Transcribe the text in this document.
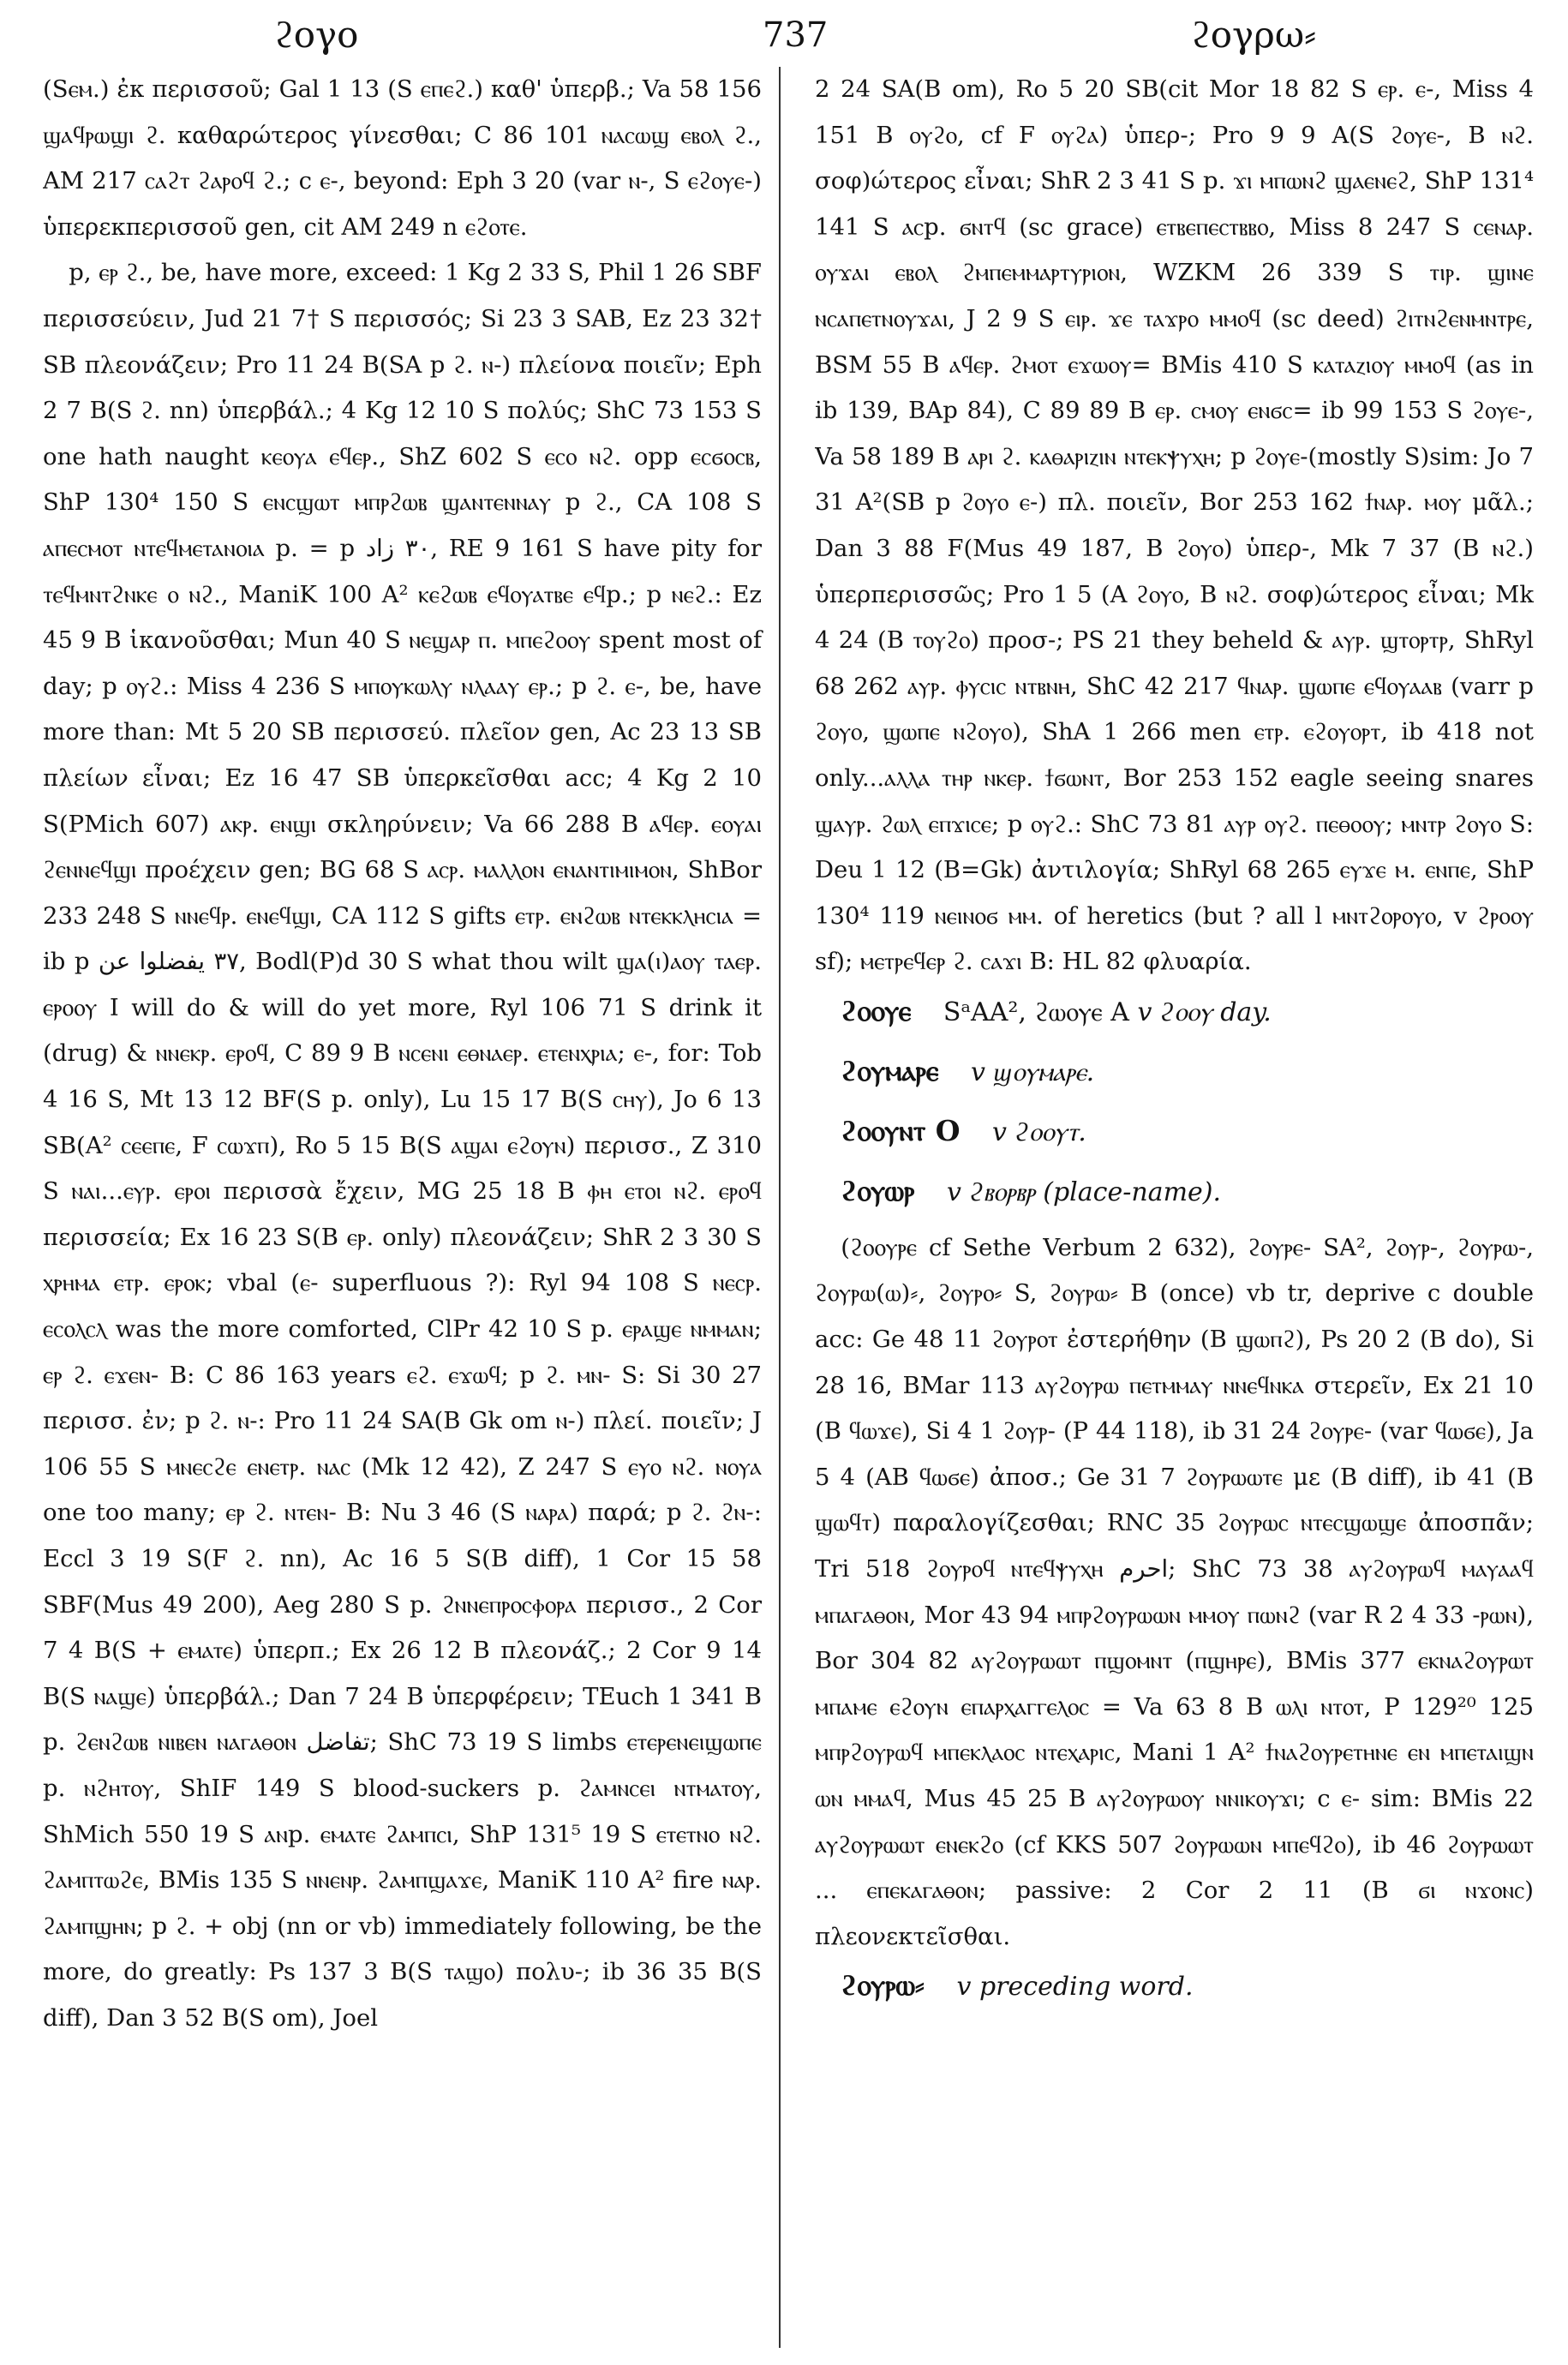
ϩογο	737	ϩογρω⸗

(Sⲉⲙ.) ἐκ περισσοῦ; Gal 1 13 (S ⲉⲡⲉϩ.) καθ' ὑπερβ.; Va 58 156 ϣⲁϥⲣⲱϣⲓ ϩ. καθαρώτερος γίνεσθαι; C 86 101 ⲛⲁⲥⲱϣ ⲉⲃⲟⲗ ϩ., AM 217 ⲥⲁϩⲧ ϩⲁⲣⲟϥ ϩ.; c ⲉ-, beyond: Eph 3 20 (var ⲛ-, S ⲉϩⲟⲩⲉ-) ὑπερεκπερισσοῦ gen, cit AM 249 n ⲉϩⲟⲧⲉ.

p, ⲉⲣ ϩ., be, have more, exceed: 1 Kg 2 33 S, Phil 1 26 SBF περισσεύειν, Jud 21 7† S περισσός; Si 23 3 SAB, Ez 23 32† SB πλεονάζειν; Pro 11 24 B(SA p ϩ. ⲛ-) πλείονα ποιεῖν; Eph 2 7 B(S ϩ. nn) ὑπερβάλ.; 4 Kg 12 10 S πολύς; ShC 73 153 S one hath naught ⲕⲉⲟⲩⲁ ⲉϥⲉⲣ., ShZ 602 S ⲉⲥⲟ ⲛϩ. opp ⲉⲥϭⲟⲥⲃ, ShP 130⁴ 150 S ⲉⲛⲥϣⲱⲧ ⲙⲡⲣϩⲱⲃ ϣⲁⲛⲧⲉⲛⲛⲁⲩ p ϩ., CA 108 S ⲁⲡⲉⲥⲙⲟⲧ ⲛⲧⲉϥⲙⲉⲧⲁⲛⲟⲓⲁ p. = p ٣٠ زاد, RE 9 161 S have pity for ⲧⲉϥⲙⲛⲧϩⲛⲕⲉ ⲟ ⲛϩ., ManiK 100 A² ⲕⲉϩⲱⲃ ⲉϥⲟⲩⲁⲧⲃⲉ ⲉϥp.; p ⲛⲉϩ.: Ez 45 9 B ἱκανοῦσθαι; Mun 40 S ⲛⲉϣⲁⲣ ⲡ. ⲙⲡⲉϩⲟⲟⲩ spent most of day; p ⲟⲩϩ.: Miss 4 236 S ⲙⲡⲟⲩⲕⲱⲗⲩ ⲛⲗⲁⲁⲩ ⲉⲣ.; p ϩ. ⲉ-, be, have more than: Mt 5 20 SB περισσεύ. πλεῖον gen, Ac 23 13 SB πλείων εἶναι; Ez 16 47 SB ὑπερκεῖσθαι acc; 4 Kg 2 10 S(PMich 607) ⲁⲕⲣ. ⲉⲛϣⲓ σκληρύνειν; Va 66 288 B ⲁϥⲉⲣ. ⲉⲟⲩⲁⲓ ϩⲉⲛⲛⲉϥϣⲓ προέχειν gen; BG 68 S ⲁⲥⲣ. ⲙⲁⲗⲗⲟⲛ ⲉⲛⲁⲛⲧⲓⲙⲓⲙⲟⲛ, ShBor 233 248 S ⲛⲛⲉϥⲣ. ⲉⲛⲉϥϣⲓ, CA 112 S gifts ⲉⲧⲣ. ⲉⲛϩⲱⲃ ⲛⲧⲉⲕⲕⲗⲏⲥⲓⲁ = ib p ٣٧ يفضلوا عن, Bodl(P)d 30 S what thou wilt ϣⲁ(ⲓ)ⲁⲟⲩ ⲧⲁⲉⲣ. ⲉⲣⲟⲟⲩ I will do & will do yet more, Ryl 106 71 S drink it (drug) & ⲛⲛⲉⲕⲣ. ⲉⲣⲟϥ, C 89 9 B ⲛⲥⲉⲛⲓ ⲉⲑⲛⲁⲉⲣ. ⲉⲧⲉⲛⲭⲣⲓⲁ; ⲉ-, for: Tob 4 16 S, Mt 13 12 BF(S p. only), Lu 15 17 B(S ⲥⲏⲩ), Jo 6 13 SB(A² ⲥⲉⲉⲡⲉ, F ⲥⲱϫⲡ), Ro 5 15 B(S ⲁϣⲁⲓ ⲉϩⲟⲩⲛ) περισσ., Z 310 S ⲛⲁⲓ...ⲉⲩⲣ. ⲉⲣⲟⲓ περισσὰ ἔχειν, MG 25 18 B ⲫⲏ ⲉⲧⲟⲓ ⲛϩ. ⲉⲣⲟϥ περισσεία; Ex 16 23 S(B ⲉⲣ. only) πλεονάζειν; ShR 2 3 30 S ⲭⲣⲏⲙⲁ ⲉⲧⲣ. ⲉⲣⲟⲕ; vbal (ⲉ- superfluous ?): Ryl 94 108 S ⲛⲉⲥⲣ. ⲉⲥⲟⲗⲥⲗ was the more comforted, ClPr 42 10 S p. ⲉⲣⲁϣⲉ ⲛⲙⲙⲁⲛ; ⲉⲣ ϩ. ⲉϫⲉⲛ- B: C 86 163 years ⲉϩ. ⲉϫⲱϥ; p ϩ. ⲙⲛ- S: Si 30 27 περισσ. ἐν; p ϩ. ⲛ-: Pro 11 24 SA(B Gk om ⲛ-) πλεί. ποιεῖν; J 106 55 S ⲙⲛⲉⲥϩⲉ ⲉⲛⲉⲧⲣ. ⲛⲁⲥ (Mk 12 42), Z 247 S ⲉⲩⲟ ⲛϩ. ⲛⲟⲩⲁ one too many; ⲉⲣ ϩ. ⲛⲧⲉⲛ- B: Nu 3 46 (S ⲛⲁⲣⲁ) παρά; p ϩ. ϩⲛ-: Eccl 3 19 S(F ϩ. nn), Ac 16 5 S(B diff), 1 Cor 15 58 SBF(Mus 49 200), Aeg 280 S p. ϩⲛⲛⲉⲡⲣⲟⲥⲫⲟⲣⲁ περισσ., 2 Cor 7 4 B(S + ⲉⲙⲁⲧⲉ) ὑπερπ.; Ex 26 12 B πλεονάζ.; 2 Cor 9 14 B(S ⲛⲁϣⲉ) ὑπερβάλ.; Dan 7 24 B ὑπερφέρειν; TEuch 1 341 B p. ϩⲉⲛϩⲱⲃ ⲛⲓⲃⲉⲛ ⲛⲁⲅⲁⲑⲟⲛ تفاضل; ShC 73 19 S limbs ⲉⲧⲉⲣⲉⲛⲉⲓϣⲱⲡⲉ p. ⲛϩⲏⲧⲟⲩ, ShIF 149 S blood-suckers p. ϩⲁⲙⲛⲥⲉⲓ ⲛⲧⲙⲁⲧⲟⲩ, ShMich 550 19 S ⲁⲛp. ⲉⲙⲁⲧⲉ ϩⲁⲙⲡⲥⲓ, ShP 131⁵ 19 S ⲉⲧⲉⲧⲛⲟ ⲛϩ. ϩⲁⲙⲡⲧⲱϩⲉ, BMis 135 S ⲛⲛⲉⲛⲣ. ϩⲁⲙⲡϣⲁϫⲉ, ManiK 110 A² fire ⲛⲁⲣ. ϩⲁⲙⲡϣⲏⲛ; p ϩ. + obj (nn or vb) immediately following, be the more, do greatly: Ps 137 3 B(S ⲧⲁϣⲟ) πολυ-; ib 36 35 B(S diff), Dan 3 52 B(S om), Joel

2 24 SA(B om), Ro 5 20 SB(cit Mor 18 82 S ⲉⲣ. ⲉ-, Miss 4 151 B ⲟⲩϩⲟ, cf F ⲟⲩϩⲁ) ὑπερ-; Pro 9 9 A(S ϩⲟⲩⲉ-, B ⲛϩ. σοφ)ώτερος εἶναι; ShR 2 3 41 S p. ϫⲓ ⲙⲡⲱⲛϩ ϣⲁⲉⲛⲉϩ, ShP 131⁴ 141 S ⲁⲥp. ϭⲛⲧϥ (sc grace) ⲉⲧⲃⲉⲡⲉⲥⲧⲃⲃⲟ, Miss 8 247 S ⲥⲉⲛⲁⲣ. ⲟⲩϫⲁⲓ ⲉⲃⲟⲗ ϩⲙⲡⲉⲙⲙⲁⲣⲧⲩⲣⲓⲟⲛ, WZKM 26 339 S ⲧⲓⲣ. ϣⲓⲛⲉ ⲛⲥⲁⲡⲉⲧⲛⲟⲩϫⲁⲓ, J 2 9 S ⲉⲓⲣ. ϫⲉ ⲧⲁϫⲣⲟ ⲙⲙⲟϥ (sc deed) ϩⲓⲧⲛϩⲉⲛⲙⲛⲧⲣⲉ, BSM 55 B ⲁϥⲉⲣ. ϩⲙⲟⲧ ⲉϫⲱⲟⲩ= BMis 410 S ⲕⲁⲧⲁⲍⲓⲟⲩ ⲙⲙⲟϥ (as in ib 139, BAp 84), C 89 89 B ⲉⲣ. ⲥⲙⲟⲩ ⲉⲛϭⲥ= ib 99 153 S ϩⲟⲩⲉ-, Va 58 189 B ⲁⲣⲓ ϩ. ⲕⲁⲑⲁⲣⲓⲍⲓⲛ ⲛⲧⲉⲕⲯⲩⲭⲏ; p ϩⲟⲩⲉ-(mostly S)sim: Jo 7 31 A²(SB p ϩⲟⲩⲟ ⲉ-) πλ. ποιεῖν, Bor 253 162 ϯⲛⲁⲣ. ⲙⲟⲩ μᾶλ.; Dan 3 88 F(Mus 49 187, B ϩⲟⲩⲟ) ὑπερ-, Mk 7 37 (B ⲛϩ.) ὑπερπερισσῶς; Pro 1 5 (A ϩⲟⲩⲟ, B ⲛϩ. σοφ)ώτερος εἶναι; Mk 4 24 (B ⲧⲟⲩϩⲟ) προσ-; PS 21 they beheld & ⲁⲩⲣ. ϣⲧⲟⲣⲧⲣ, ShRyl 68 262 ⲁⲩⲣ. ⲫⲩⲥⲓⲥ ⲛⲧⲃⲛⲏ, ShC 42 217 ϥⲛⲁⲣ. ϣⲱⲡⲉ ⲉϥⲟⲩⲁⲁⲃ (varr p ϩⲟⲩⲟ, ϣⲱⲡⲉ ⲛϩⲟⲩⲟ), ShA 1 266 men ⲉⲧⲣ. ⲉϩⲟⲩⲟⲣⲧ, ib 418 not only...ⲁⲗⲗⲁ ⲧⲏⲣ ⲛⲕⲉⲣ. ϯϭⲱⲛⲧ, Bor 253 152 eagle seeing snares ϣⲁⲩⲣ. ϩⲱⲗ ⲉⲡϫⲓⲥⲉ; p ⲟⲩϩ.: ShC 73 81 ⲁⲩⲣ ⲟⲩϩ. ⲡⲉⲑⲟⲟⲩ; ⲙⲛⲧⲣ ϩⲟⲩⲟ S: Deu 1 12 (B=Gk) ἀντιλογία; ShRyl 68 265 ⲉⲩϫⲉ ⲙ. ⲉⲛⲡⲉ, ShP 130⁴ 119 ⲛⲉⲓⲛⲟϭ ⲙⲙ. of heretics (but ? all l ⲙⲛⲧϩⲟⲣⲟⲩⲟ, v ϩⲣⲟⲟⲩ sf); ⲙⲉⲧⲣⲉϥⲉⲣ ϩ. ⲥⲁϫⲓ B: HL 82 φλυαρία.

ϩⲟⲟⲩⲉ SᵃAA², ϩⲱⲟⲩⲉ A v ϩⲟⲟⲩ day.
ϩⲟⲩⲙⲁⲣⲉ v ϣⲟⲩⲙⲁⲣⲉ.
ϩⲟⲟⲩⲛⲧ O v ϩⲟⲟⲩⲧ.
ϩⲟⲩⲱⲣ v ϩⲃⲟⲣⲃⲣ (place-name).

(ϩⲟⲟⲩⲣⲉ cf Sethe Verbum 2 632), ϩⲟⲩⲣⲉ- SA², ϩⲟⲩⲣ-, ϩⲟⲩⲣⲱ-, ϩⲟⲩⲣⲱ(ⲱ)⸗, ϩⲟⲩⲣⲟ⸗ S, ϩⲟⲩⲣⲱ⸗ B (once) vb tr, deprive c double acc: Ge 48 11 ϩⲟⲩⲣⲟⲧ ἐστερήθην (B ϣⲱⲡϩ), Ps 20 2 (B do), Si 28 16, BMar 113 ⲁⲩϩⲟⲩⲣⲱ ⲡⲉⲧⲙⲙⲁⲩ ⲛⲛⲉϥⲛⲕⲁ στερεῖν, Ex 21 10 (B ϥⲱϫⲉ), Si 4 1 ϩⲟⲩⲣ- (P 44 118), ib 31 24 ϩⲟⲩⲣⲉ- (var ϥⲱϭⲉ), Ja 5 4 (AB ϥⲱϭⲉ) ἀποσ.; Ge 31 7 ϩⲟⲩⲣⲱⲱⲧⲉ με (B diff), ib 41 (B ϣⲱϥⲧ) παραλογίζεσθαι; RNC 35 ϩⲟⲩⲣⲱⲥ ⲛⲧⲉⲥϣⲱϣⲉ ἀποσπᾶν; Tri 518 ϩⲟⲩⲣⲟϥ ⲛⲧⲉϥⲯⲩⲭⲏ احرم; ShC 73 38 ⲁⲩϩⲟⲩⲣⲱϥ ⲙⲁⲩⲁⲁϥ ⲙⲡⲁⲅⲁⲑⲟⲛ, Mor 43 94 ⲙⲡⲣϩⲟⲩⲣⲱⲱⲛ ⲙⲙⲟⲩ ⲡⲱⲛϩ (var R 2 4 33 -ⲣⲱⲛ), Bor 304 82 ⲁⲩϩⲟⲩⲣⲱⲱⲧ ⲡϣⲟⲙⲛⲧ (ⲡϣⲏⲣⲉ), BMis 377 ⲉⲕⲛⲁϩⲟⲩⲣⲱⲧ ⲙⲡⲁⲙⲉ ⲉϩⲟⲩⲛ ⲉⲡⲁⲣⲭⲁⲅⲅⲉⲗⲟⲥ = Va 63 8 B ⲱⲗⲓ ⲛⲧⲟⲧ, P 129²⁰ 125 ⲙⲡⲣϩⲟⲩⲣⲱϥ ⲙⲡⲉⲕⲗⲁⲟⲥ ⲛⲧⲉⲭⲁⲣⲓⲥ, Mani 1 A² ϯⲛⲁϩⲟⲩⲣⲉⲧⲏⲛⲉ ⲉⲛ ⲙⲡⲉⲧⲁⲓϣⲛ ⲱⲛ ⲙⲙⲁϥ, Mus 45 25 B ⲁⲩϩⲟⲩⲣⲱⲟⲩ ⲛⲛⲓⲕⲟⲩϫⲓ; c ⲉ- sim: BMis 22 ⲁⲩϩⲟⲩⲣⲱⲱⲧ ⲉⲛⲉⲕϩⲟ (cf KKS 507 ϩⲟⲩⲣⲱⲱⲛ ⲙⲡⲉϥϩⲟ), ib 46 ϩⲟⲩⲣⲱⲱⲧ ... ⲉⲡⲉⲕⲁⲅⲁⲑⲟⲛ; passive: 2 Cor 2 11 (B ϭⲓ ⲛϫⲟⲛⲥ) πλεονεκτεῖσθαι.

ϩⲟⲩⲣⲱ⸗ v preceding word.
